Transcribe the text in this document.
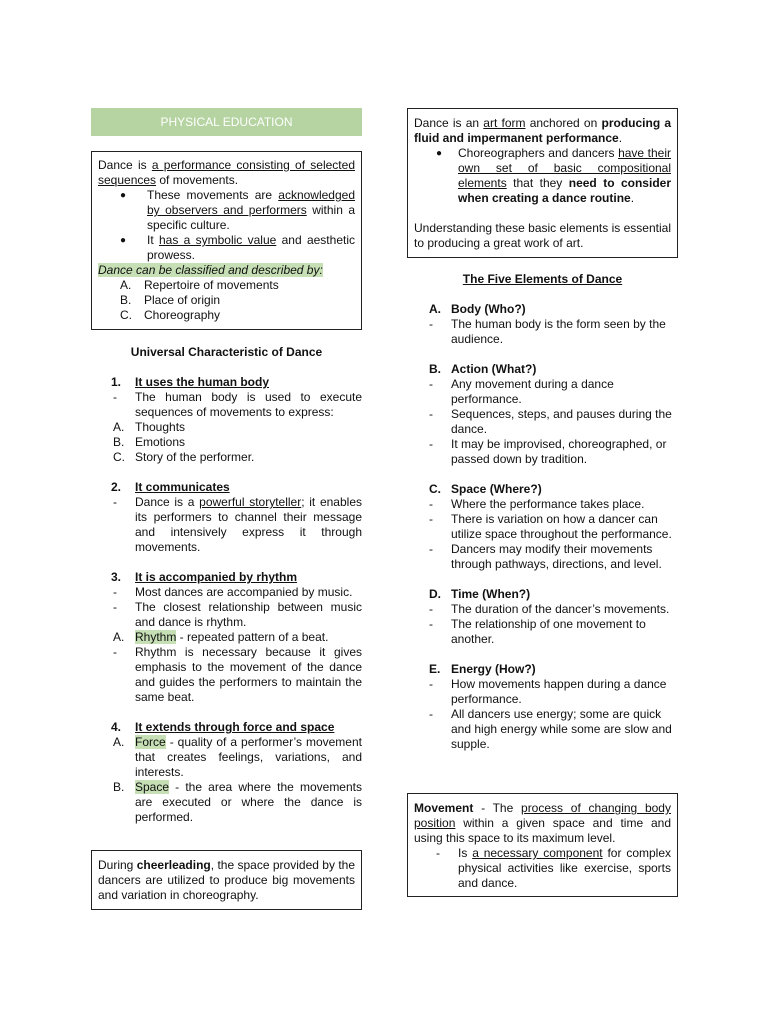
PHYSICAL EDUCATION

Dance is a performance consisting of selected sequences of movements.

●	These movements are acknowledged by observers and performers within a specific culture.

●	It has a symbolic value and aesthetic prowess.

Dance can be classified and described by:

A.	Repertoire of movements
B.	Place of origin
C.	Choreography

Universal Characteristic of Dance

1.	It uses the human body
-	The human body is used to execute sequences of movements to express:
A. Thoughts
B. Emotions
C. Story of the performer.
2.	It communicates
-	Dance is a powerful storyteller; it enables its performers to channel their message and intensively express it through movements.

3.	It is accompanied by rhythm
-	Most dances are accompanied by music.
-	The closest relationship between music and dance is rhythm.
A. Rhythm - repeated pattern of a beat.

-	Rhythm is necessary because it gives emphasis to the movement of the dance and guides the performers to maintain the same beat.
4.	It extends through force and space
A. Force - quality of a performer’s movement that creates feelings, variations, and interests.

B. Space - the area where the movements are executed or where the dance is performed.

During cheerleading, the space provided by the dancers are utilized to produce big movements and variation in choreography.

Dance is an art form anchored on producing a fluid and impermanent performance.

●	Choreographers and dancers have their own set of basic compositional elements that they need to consider when creating a dance routine.

Understanding these basic elements is essential to producing a great work of art.

The Five Elements of Dance

A. Body (Who?)
-	The human body is the form seen by the audience.
B. Action (What?)
-	Any movement during a dance performance.
-	Sequences, steps, and pauses during the dance.
-	It may be improvised, choreographed, or passed down by tradition.
C. Space (Where?)
-	Where the performance takes place.
-	There is variation on how a dancer can utilize space throughout the performance.
-	Dancers may modify their movements through pathways, directions, and level.
D. Time (When?)
-	The duration of the dancer’s movements.
-	The relationship of one movement to another.
E. Energy (How?)
-	How movements happen during a dance performance.
-	All dancers use energy; some are quick and high energy while some are slow and supple.

Movement - The process of changing body position within a given space and time and using this space to its maximum level.

-	Is a necessary component for complex physical activities like exercise, sports and dance.
